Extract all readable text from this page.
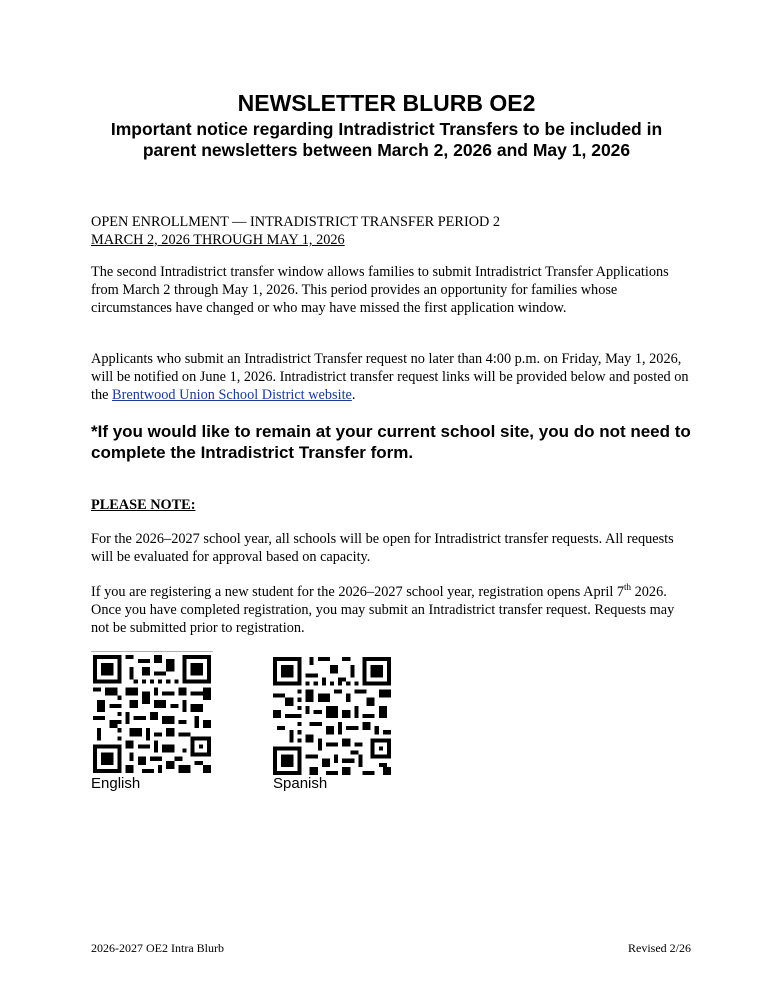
NEWSLETTER BLURB OE2
Important notice regarding Intradistrict Transfers to be included in
parent newsletters between March 2, 2026 and May 1, 2026

OPEN ENROLLMENT — INTRADISTRICT TRANSFER PERIOD 2

MARCH 2, 2026 THROUGH MAY 1, 2026

The second Intradistrict transfer window allows families to submit Intradistrict Transfer Applications from March 2 through May 1, 2026. This period provides an opportunity for families whose circumstances have changed or who may have missed the first application window.

Applicants who submit an Intradistrict Transfer request no later than 4:00 p.m. on Friday, May 1, 2026, will be notified on June 1, 2026. Intradistrict transfer request links will be provided below and posted on the Brentwood Union School District website.

*If you would like to remain at your current school site, you do not need to complete the Intradistrict Transfer form.

PLEASE NOTE:

For the 2026–2027 school year, all schools will be open for Intradistrict transfer requests. All requests will be evaluated for approval based on capacity.

If you are registering a new student for the 2026–2027 school year, registration opens April 7th 2026. Once you have completed registration, you may submit an Intradistrict transfer request. Requests may not be submitted prior to registration.

English	Spanish

2026-2027 OE2 Intra Blurb	Revised 2/26
